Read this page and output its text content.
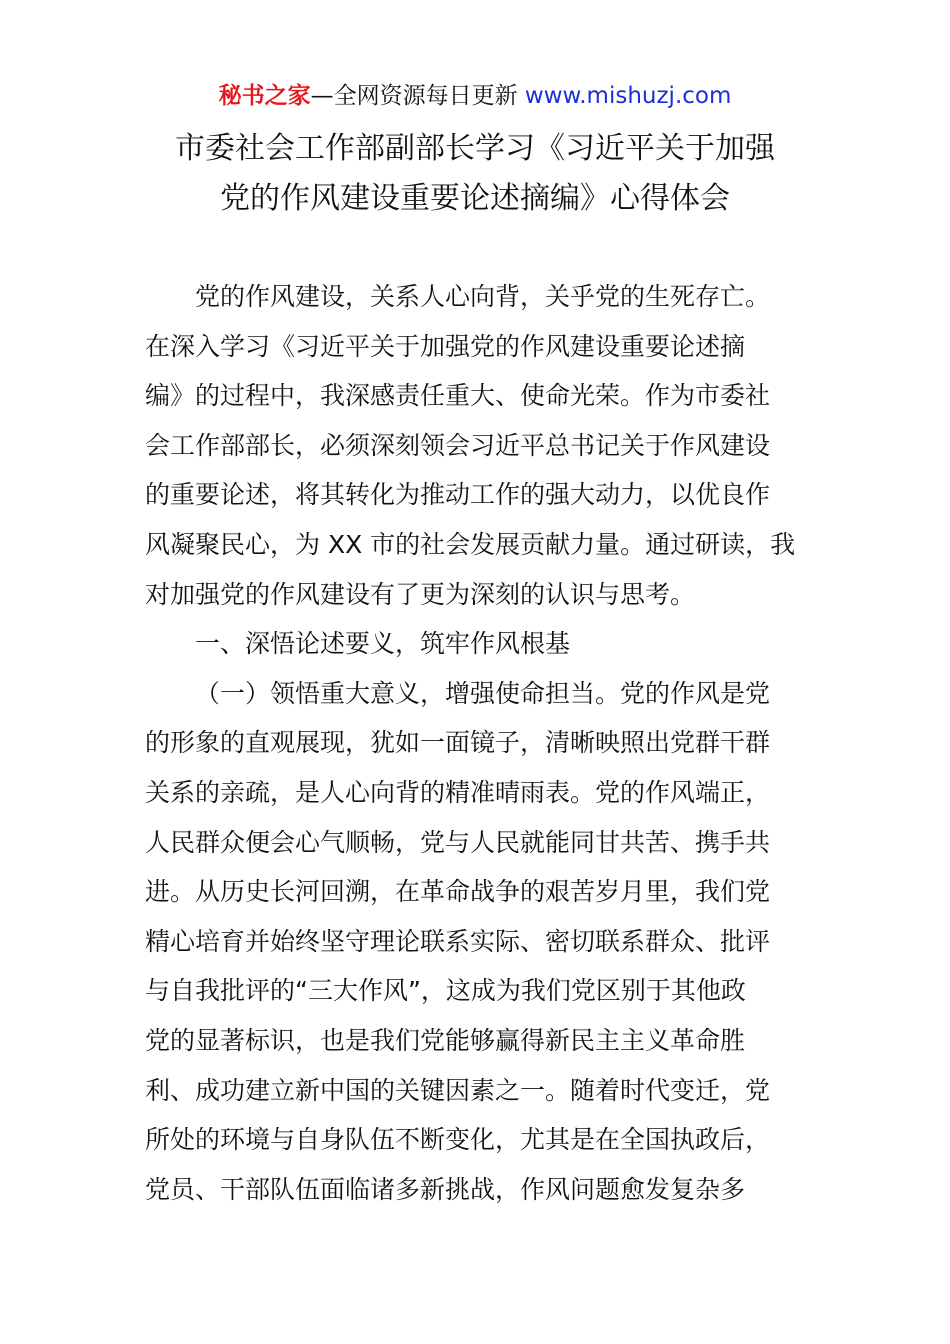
秘书之家—全网资源每日更新 www.mishuzj.com
市委社会工作部副部长学习《习近平关于加强
党的作风建设重要论述摘编》心得体会
党的作风建设，关系人心向背，关乎党的生死存亡。
在深入学习《习近平关于加强党的作风建设重要论述摘
编》的过程中，我深感责任重大、使命光荣。作为市委社
会工作部部长，必须深刻领会习近平总书记关于作风建设
的重要论述，将其转化为推动工作的强大动力，以优良作
风凝聚民心，为 XX 市的社会发展贡献力量。通过研读，我
对加强党的作风建设有了更为深刻的认识与思考。
一、深悟论述要义，筑牢作风根基
（一）领悟重大意义，增强使命担当。党的作风是党
的形象的直观展现，犹如一面镜子，清晰映照出党群干群
关系的亲疏，是人心向背的精准晴雨表。党的作风端正，
人民群众便会心气顺畅，党与人民就能同甘共苦、携手共
进。从历史长河回溯，在革命战争的艰苦岁月里，我们党
精心培育并始终坚守理论联系实际、密切联系群众、批评
与自我批评的“三大作风”，这成为我们党区别于其他政
党的显著标识，也是我们党能够赢得新民主主义革命胜
利、成功建立新中国的关键因素之一。随着时代变迁，党
所处的环境与自身队伍不断变化，尤其是在全国执政后，
党员、干部队伍面临诸多新挑战，作风问题愈发复杂多
